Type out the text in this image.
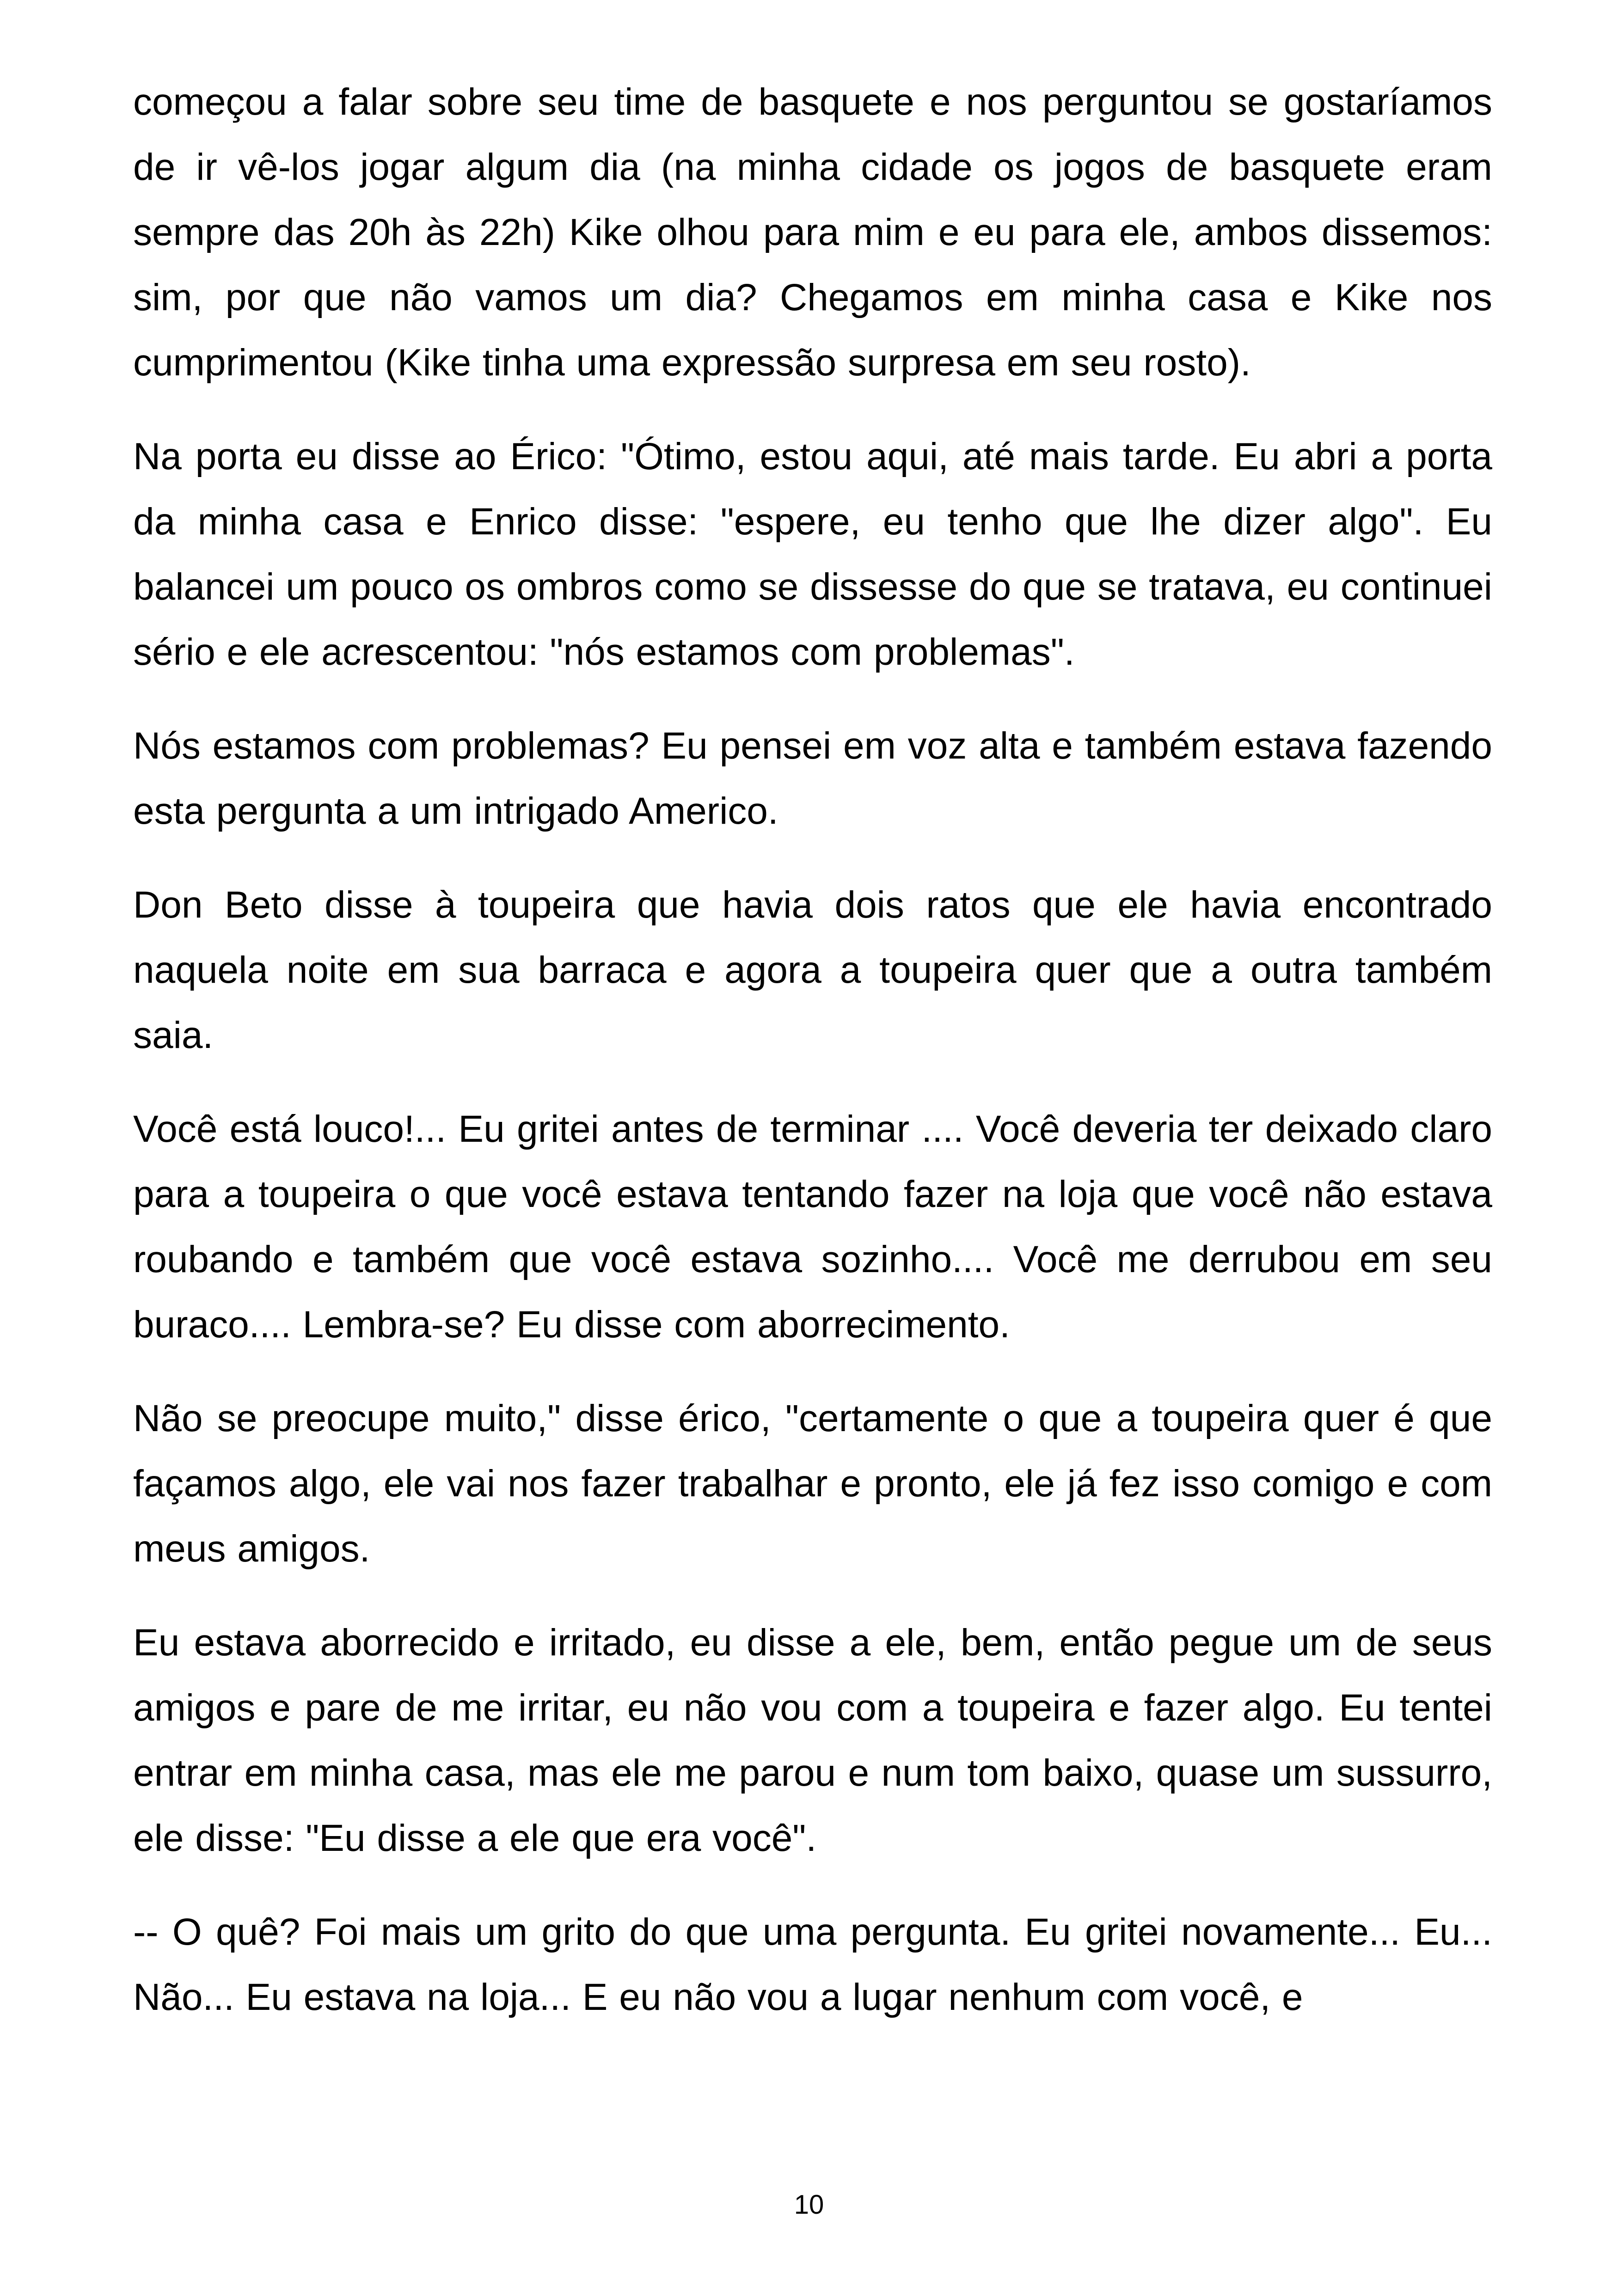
começou a falar sobre seu time de basquete e nos perguntou se gostaríamos de ir vê-los jogar algum dia (na minha cidade os jogos de basquete eram sempre das 20h às 22h) Kike olhou para mim e eu para ele, ambos dissemos: sim, por que não vamos um dia? Chegamos em minha casa e Kike nos cumprimentou (Kike tinha uma expressão surpresa em seu rosto).

Na porta eu disse ao Érico: "Ótimo, estou aqui, até mais tarde. Eu abri a porta da minha casa e Enrico disse: "espere, eu tenho que lhe dizer algo". Eu balancei um pouco os ombros como se dissesse do que se tratava, eu continuei sério e ele acrescentou: "nós estamos com problemas".

Nós estamos com problemas? Eu pensei em voz alta e também estava fazendo esta pergunta a um intrigado Americo.

Don Beto disse à toupeira que havia dois ratos que ele havia encontrado naquela noite em sua barraca e agora a toupeira quer que a outra também saia.

Você está louco!... Eu gritei antes de terminar .... Você deveria ter deixado claro para a toupeira o que você estava tentando fazer na loja que você não estava roubando e também que você estava sozinho.... Você me derrubou em seu buraco.... Lembra-se? Eu disse com aborrecimento.

Não se preocupe muito," disse érico, "certamente o que a toupeira quer é que façamos algo, ele vai nos fazer trabalhar e pronto, ele já fez isso comigo e com meus amigos.

Eu estava aborrecido e irritado, eu disse a ele, bem, então pegue um de seus amigos e pare de me irritar, eu não vou com a toupeira e fazer algo. Eu tentei entrar em minha casa, mas ele me parou e num tom baixo, quase um sussurro, ele disse: "Eu disse a ele que era você".

-- O quê? Foi mais um grito do que uma pergunta. Eu gritei novamente... Eu... Não... Eu estava na loja... E eu não vou a lugar nenhum com você, e

10
